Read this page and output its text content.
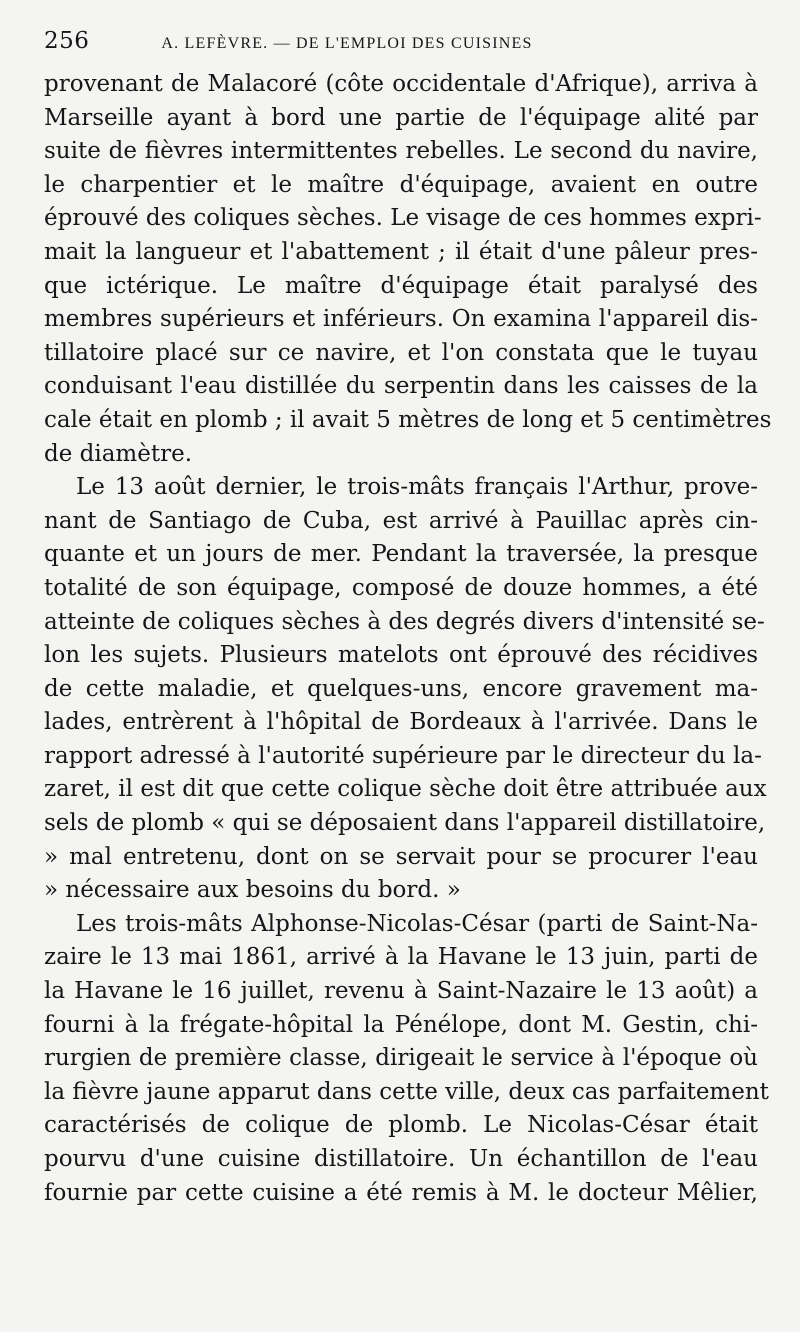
256	A. LEFÈVRE. — DE L'EMPLOI DES CUISINES
provenant de Malacoré (côte occidentale d'Afrique), arriva à
Marseille ayant à bord une partie de l'équipage alité par
suite de fièvres intermittentes rebelles. Le second du navire,
le charpentier et le maître d'équipage, avaient en outre
éprouvé des coliques sèches. Le visage de ces hommes expri-
mait la langueur et l'abattement ; il était d'une pâleur pres-
que ictérique. Le maître d'équipage était paralysé des
membres supérieurs et inférieurs. On examina l'appareil dis-
tillatoire placé sur ce navire, et l'on constata que le tuyau
conduisant l'eau distillée du serpentin dans les caisses de la
cale était en plomb ; il avait 5 mètres de long et 5 centimètres
de diamètre.
Le 13 août dernier, le trois-mâts français l'Arthur, prove-
nant de Santiago de Cuba, est arrivé à Pauillac après cin-
quante et un jours de mer. Pendant la traversée, la presque
totalité de son équipage, composé de douze hommes, a été
atteinte de coliques sèches à des degrés divers d'intensité se-
lon les sujets. Plusieurs matelots ont éprouvé des récidives
de cette maladie, et quelques-uns, encore gravement ma-
lades, entrèrent à l'hôpital de Bordeaux à l'arrivée. Dans le
rapport adressé à l'autorité supérieure par le directeur du la-
zaret, il est dit que cette colique sèche doit être attribuée aux
sels de plomb « qui se déposaient dans l'appareil distillatoire,
» mal entretenu, dont on se servait pour se procurer l'eau
» nécessaire aux besoins du bord. »
Les trois-mâts Alphonse-Nicolas-César (parti de Saint-Na-
zaire le 13 mai 1861, arrivé à la Havane le 13 juin, parti de
la Havane le 16 juillet, revenu à Saint-Nazaire le 13 août) a
fourni à la frégate-hôpital la Pénélope, dont M. Gestin, chi-
rurgien de première classe, dirigeait le service à l'époque où
la fièvre jaune apparut dans cette ville, deux cas parfaitement
caractérisés de colique de plomb. Le Nicolas-César était
pourvu d'une cuisine distillatoire. Un échantillon de l'eau
fournie par cette cuisine a été remis à M. le docteur Mêlier,
